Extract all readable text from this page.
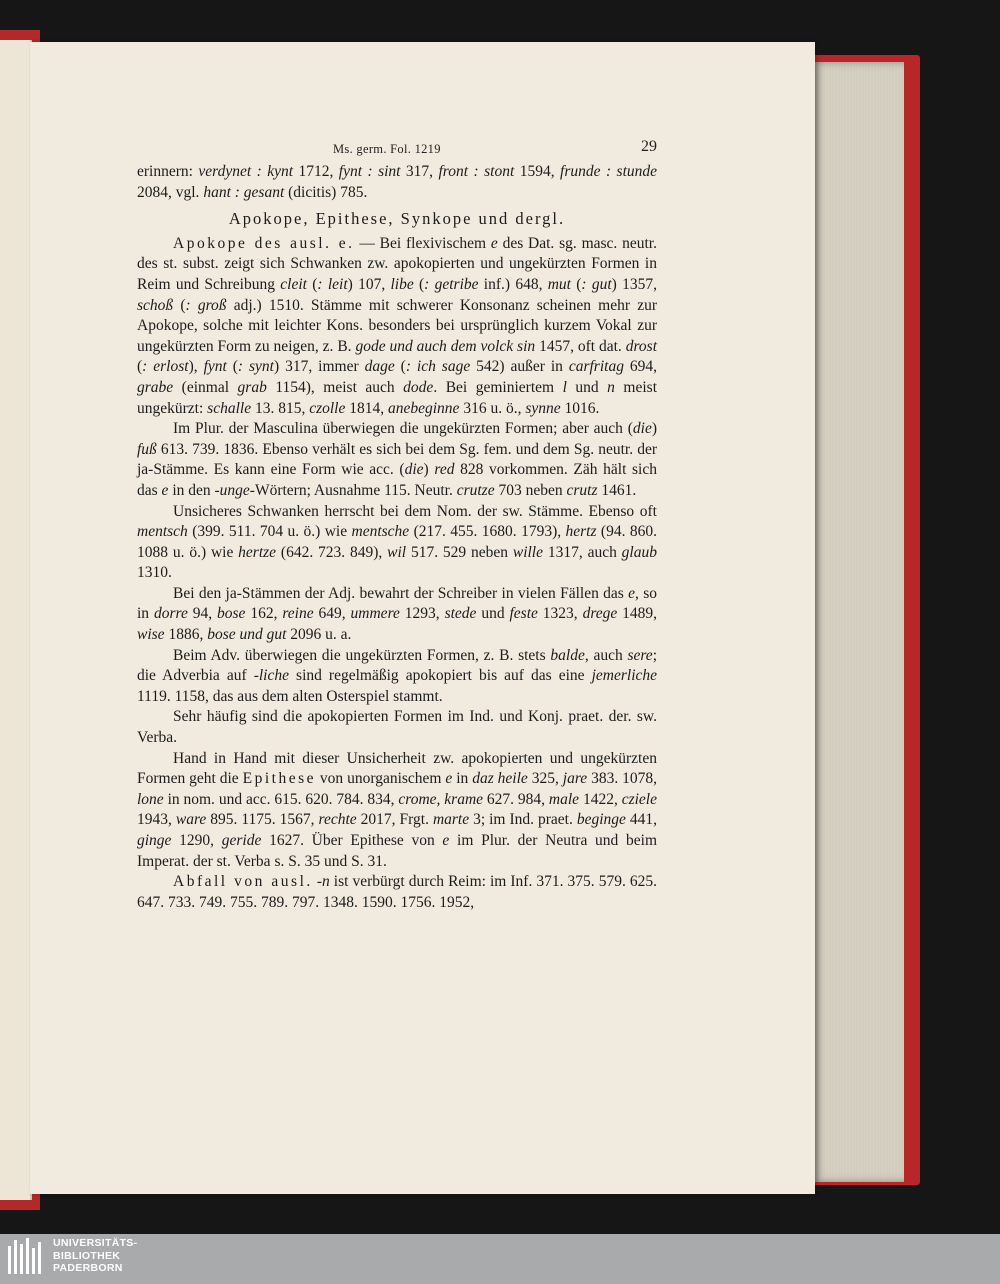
Ms. germ. Fol. 1219	29

erinnern: verdynet : kynt 1712, fynt : sint 317, front : stont 1594, frunde : stunde 2084, vgl. hant : gesant (dicitis) 785.

Apokope, Epithese, Synkope und dergl.

Apokope des ausl. e. — Bei flexivischem e des Dat. sg. masc. neutr. des st. subst. zeigt sich Schwanken zw. apokopierten und ungekürzten Formen in Reim und Schreibung cleit (: leit) 107, libe (: getribe inf.) 648, mut (: gut) 1357, schoß (: groß adj.) 1510. Stämme mit schwerer Konsonanz scheinen mehr zur Apokope, solche mit leichter Kons. besonders bei ursprünglich kurzem Vokal zur ungekürzten Form zu neigen, z. B. gode und auch dem volck sin 1457, oft dat. drost (: erlost), fynt (: synt) 317, immer dage (: ich sage 542) außer in carfritag 694, grabe (einmal grab 1154), meist auch dode. Bei geminiertem l und n meist ungekürzt: schalle 13. 815, czolle 1814, anebeginne 316 u. ö., synne 1016.

Im Plur. der Masculina überwiegen die ungekürzten Formen; aber auch (die) fuß 613. 739. 1836. Ebenso verhält es sich bei dem Sg. fem. und dem Sg. neutr. der ja-Stämme. Es kann eine Form wie acc. (die) red 828 vorkommen. Zäh hält sich das e in den -unge-Wörtern; Ausnahme 115. Neutr. crutze 703 neben crutz 1461.

Unsicheres Schwanken herrscht bei dem Nom. der sw. Stämme. Ebenso oft mentsch (399. 511. 704 u. ö.) wie mentsche (217. 455. 1680. 1793), hertz (94. 860. 1088 u. ö.) wie hertze (642. 723. 849), wil 517. 529 neben wille 1317, auch glaub 1310.

Bei den ja-Stämmen der Adj. bewahrt der Schreiber in vielen Fällen das e, so in dorre 94, bose 162, reine 649, ummere 1293, stede und feste 1323, drege 1489, wise 1886, bose und gut 2096 u. a.

Beim Adv. überwiegen die ungekürzten Formen, z. B. stets balde, auch sere; die Adverbia auf -liche sind regelmäßig apokopiert bis auf das eine jemerliche 1119. 1158, das aus dem alten Osterspiel stammt.

Sehr häufig sind die apokopierten Formen im Ind. und Konj. praet. der. sw. Verba.

Hand in Hand mit dieser Unsicherheit zw. apokopierten und ungekürzten Formen geht die Epithese von unorganischem e in daz heile 325, jare 383. 1078, lone in nom. und acc. 615. 620. 784. 834, crome, krame 627. 984, male 1422, cziele 1943, ware 895. 1175. 1567, rechte 2017, Frgt. marte 3; im Ind. praet. beginge 441, ginge 1290, geride 1627. Über Epithese von e im Plur. der Neutra und beim Imperat. der st. Verba s. S. 35 und S. 31.

Abfall von ausl. -n ist verbürgt durch Reim: im Inf. 371. 375. 579. 625. 647. 733. 749. 755. 789. 797. 1348. 1590. 1756. 1952,

UNIVERSITÄTS-
BIBLIOTHEK
PADERBORN
